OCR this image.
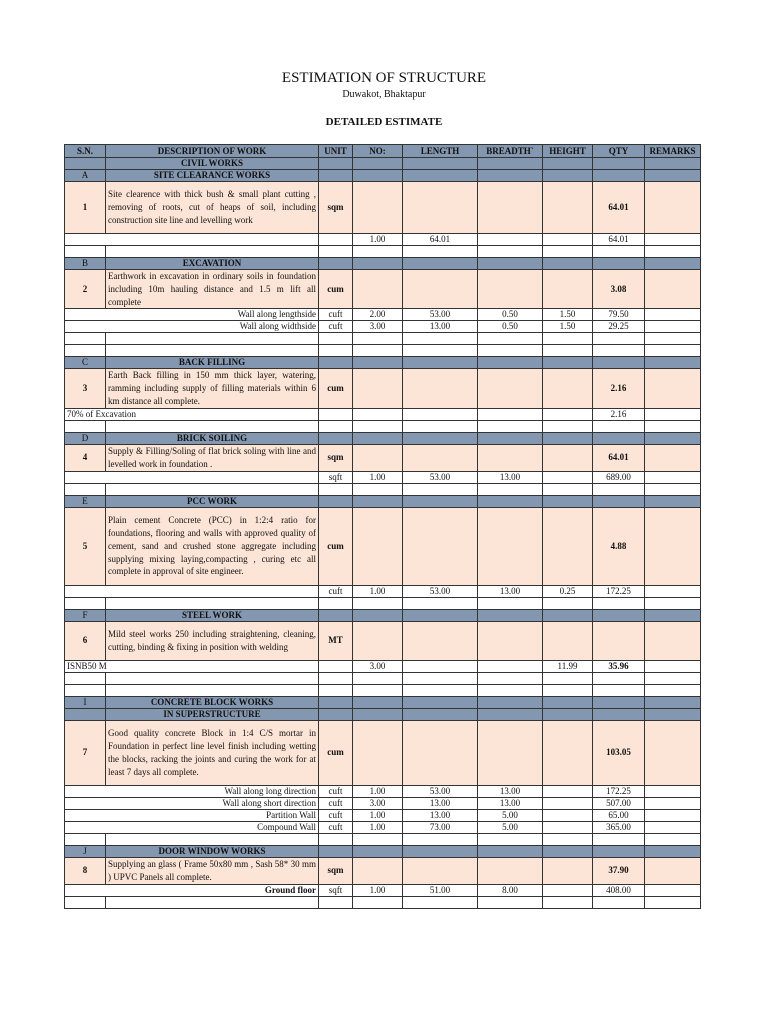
ESTIMATION OF STRUCTURE
Duwakot, Bhaktapur
DETAILED ESTIMATE
S.N.	DESCRIPTION OF WORK	UNIT	NO:	LENGTH	BREADTH`	HEIGHT	QTY	REMARKS
	CIVIL WORKS							
A	SITE CLEARANCE WORKS							
1	Site clearence with thick bush & small plant cutting , removing of roots, cut of heaps of soil, including construction site line and levelling work	sqm					64.01	
			1.00	64.01			64.01	

B	EXCAVATION							
2	Earthwork in excavation in ordinary soils in foundation including 10m hauling distance and 1.5 m lift all complete	cum					3.08	
Wall along lengthside		cuft	2.00	53.00	0.50	1.50	79.50	
Wall along widthside		cuft	3.00	13.00	0.50	1.50	29.25	

C	BACK FILLING							
3	Earth Back filling in 150 mm thick layer, watering, ramming including supply of filling materials within 6 km distance all complete.	cum					2.16	
70% of Excavation							2.16	

D	BRICK SOILING							
4	Supply & Filling/Soling of flat brick soling with line and levelled work in foundation .	sqm					64.01	
		sqft	1.00	53.00	13.00		689.00	

E	PCC WORK							
5	Plain cement Concrete (PCC) in 1:2:4 ratio for foundations, flooring and walls with approved quality of cement, sand and crushed stone aggregate including supplying mixing laying,compacting , curing etc all complete in approval of site engineer.	cum					4.88	
		cuft	1.00	53.00	13.00	0.25	172.25	

F	STEEL WORK							
6	Mild steel works 250 including straightening, cleaning, cutting, binding & fixing in position with welding	MT						
ISNB50 M			3.00			11.99	35.96	

I	CONCRETE BLOCK WORKS							
	IN SUPERSTRUCTURE							
7	Good quality concrete Block in 1:4 C/S mortar in Foundation in perfect line level finish including wetting the blocks, racking the joints and curing the work for at least 7 days all complete.	cum					103.05	
Wall along long direction		cuft	1.00	53.00	13.00		172.25	
Wall along short direction		cuft	3.00	13.00	13.00		507.00	
Partition Wall		cuft	1.00	13.00	5.00		65.00	
Compound Wall		cuft	1.00	73.00	5.00		365.00	

J	DOOR WINDOW WORKS							
8	Supplying an glass ( Frame 50x80 mm , Sash 58* 30 mm ) UPVC Panels all complete.	sqm					37.90	
Ground floor		sqft	1.00	51.00	8.00		408.00	
